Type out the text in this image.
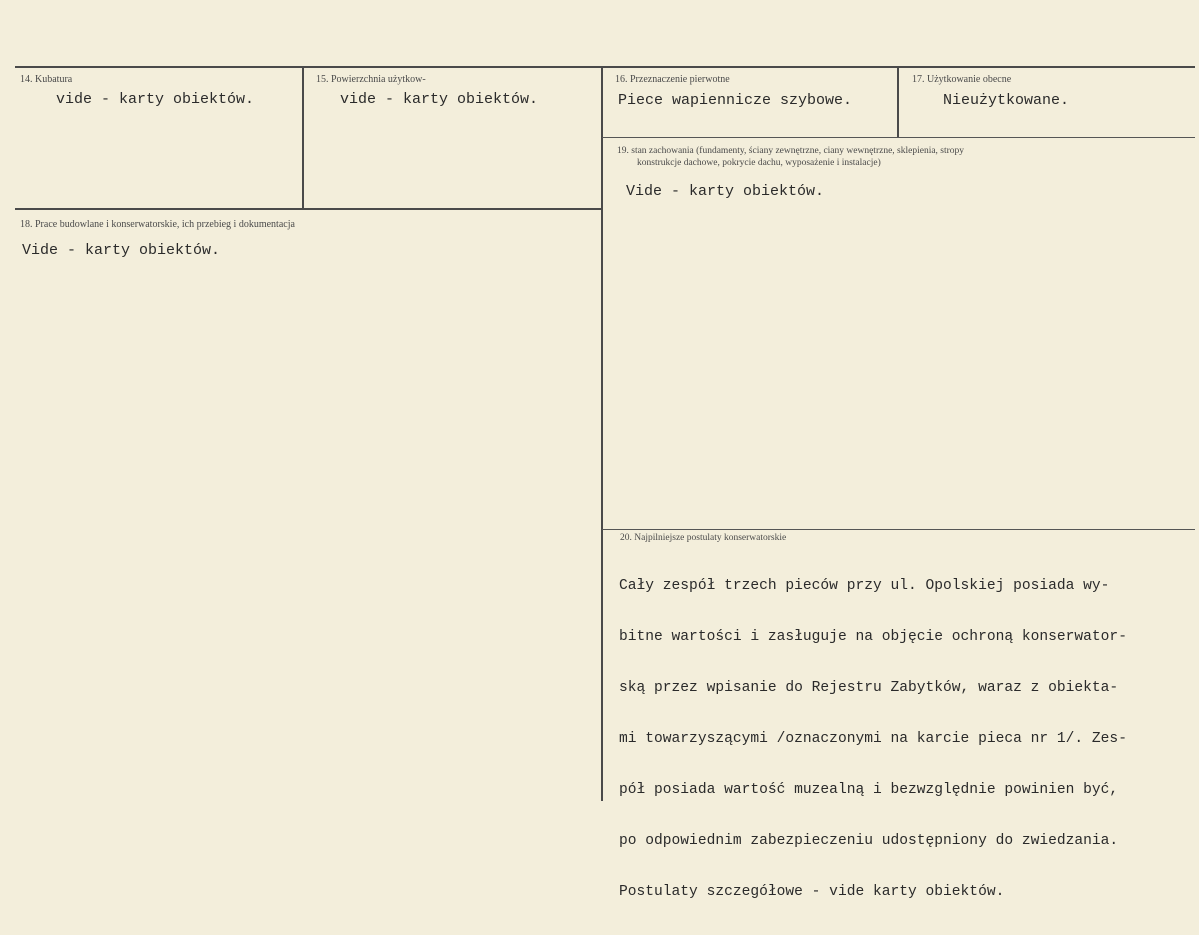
14. Kubatura
vide - karty obiektów.
15. Powierzchnia użytkow-
vide - karty obiektów.
16. Przeznaczenie pierwotne
Piece wapiennicze szybowe.
17. Użytkowanie obecne
Nieużytkowane.
19. stan zachowania (fundamenty, ściany zewnętrzne, ciany wewnętrzne, sklepienia, stropy
konstrukcje dachowe, pokrycie dachu, wyposażenie i instalacje)
Vide - karty obiektów.
18. Prace budowlane i konserwatorskie, ich przebieg i dokumentacja
Vide - karty obiektów.
20. Najpilniejsze postulaty konserwatorskie

Cały zespół trzech pieców przy ul. Opolskiej posiada wy-

bitne wartości i zasługuje na objęcie ochroną konserwator-

ską przez wpisanie do Rejestru Zabytków, waraz z obiekta-

mi towarzyszącymi /oznaczonymi na karcie pieca nr 1/. Zes-

pół posiada wartość muzealną i bezwzględnie powinien być,

po odpowiednim zabezpieczeniu udostępniony do zwiedzania.

Postulaty szczegółowe - vide karty obiektów.
